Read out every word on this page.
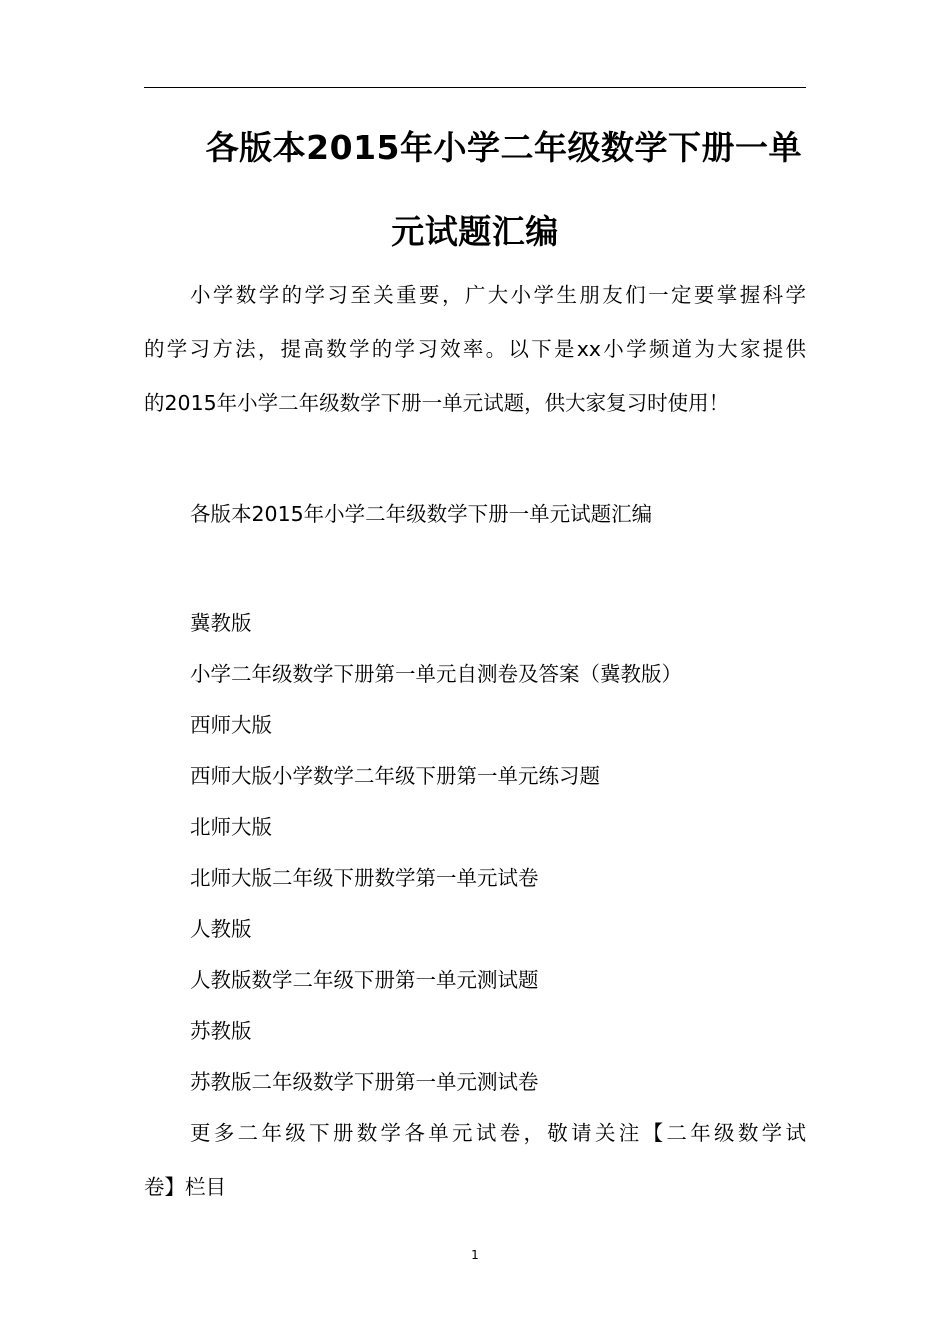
各版本2015年小学二年级数学下册一单
元试题汇编
小学数学的学习至关重要，广大小学生朋友们一定要掌握科学
的学习方法，提高数学的学习效率。以下是xx小学频道为大家提供
的2015年小学二年级数学下册一单元试题，供大家复习时使用！

各版本2015年小学二年级数学下册一单元试题汇编

冀教版

小学二年级数学下册第一单元自测卷及答案（冀教版）

西师大版

西师大版小学数学二年级下册第一单元练习题

北师大版

北师大版二年级下册数学第一单元试卷

人教版

人教版数学二年级下册第一单元测试题

苏教版

苏教版二年级数学下册第一单元测试卷

更多二年级下册数学各单元试卷，敬请关注【二年级数学试
卷】栏目
1
